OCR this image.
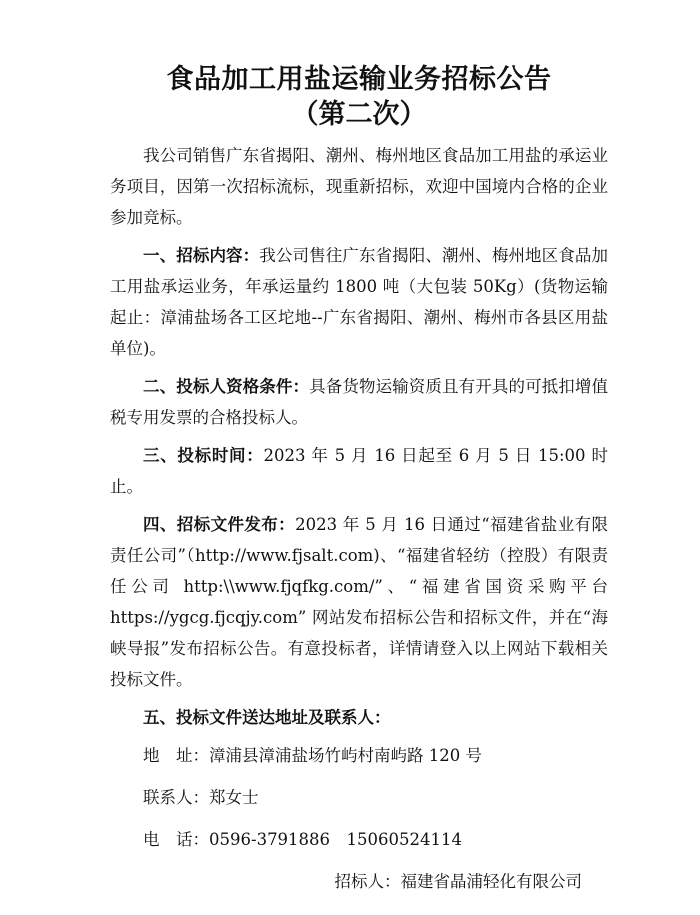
食品加工用盐运输业务招标公告
（第二次）

我公司销售广东省揭阳、潮州、梅州地区食品加工用盐的承运业务项目，因第一次招标流标，现重新招标，欢迎中国境内合格的企业参加竞标。

一、招标内容：我公司售往广东省揭阳、潮州、梅州地区食品加工用盐承运业务，年承运量约 1800 吨（大包装 50Kg）(货物运输起止：漳浦盐场各工区坨地--广东省揭阳、潮州、梅州市各县区用盐单位)。

二、投标人资格条件：具备货物运输资质且有开具的可抵扣增值税专用发票的合格投标人。

三、投标时间：2023 年 5 月 16 日起至 6 月 5 日 15:00 时止。

四、招标文件发布：2023 年 5 月 16 日通过“福建省盐业有限责任公司”（http://www.fjsalt.com)、“福建省轻纺（控股）有限责任公司 http:\\www.fjqfkg.com/”、“福建省国资采购平台 https://ygcg.fjcqjy.com” 网站发布招标公告和招标文件，并在“海峡导报”发布招标公告。有意投标者，详情请登入以上网站下载相关投标文件。

五、投标文件送达地址及联系人：

地　址：漳浦县漳浦盐场竹屿村南屿路 120 号

联系人：郑女士

电　话：0596-3791886　15060524114

招标人：福建省晶浦轻化有限公司
